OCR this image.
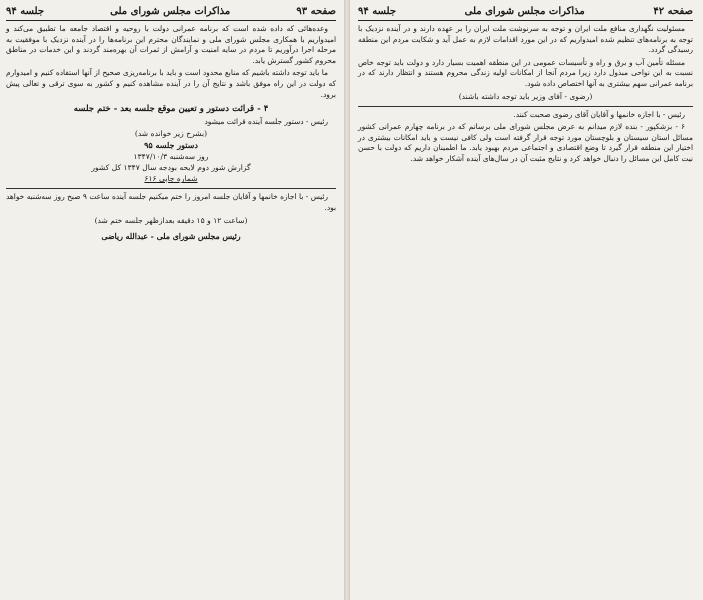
صفحه ۹۳
مذاکرات مجلس شورای ملی
جلسه ۹۴

وعده‌هائی که داده شده است که برنامه عمرانی دولت با روحیه و اقتصاد جامعه ما تطبیق می‌کند و امیدواریم با همکاری مجلس شورای ملی و نمایندگان محترم این برنامه‌ها را در آینده نزدیک با موفقیت به مرحله اجرا درآوریم تا مردم در سایه امنیت و آرامش از ثمرات آن بهره‌مند گردند و این خدمات در مناطق محروم کشور گسترش یابد.

ما باید توجه داشته باشیم که منابع محدود است و باید با برنامه‌ریزی صحیح از آنها استفاده کنیم و امیدوارم که دولت در این راه موفق باشد و نتایج آن را در آینده مشاهده کنیم و کشور به سوی ترقی و تعالی پیش برود.

۴ - قرائت دستور و تعیین موقع جلسه بعد - ختم جلسه

رئیس - دستور جلسه آینده قرائت میشود

(بشرح زیر خوانده شد)
دستور جلسه ۹۵
روز سه‌شنبه ۱۳۴۷/۱۰/۳
گزارش شور دوم لایحه بودجه سال ۱۳۴۷ کل کشور
شماره چاپی ۶۱۶

رئیس - با اجازه خانمها و آقایان جلسه امروز را ختم میکنیم جلسه آینده ساعت ۹ صبح روز سه‌شنبه خواهد بود.

(ساعت ۱۲ و ۱۵ دقیقه بعدازظهر جلسه ختم شد)
رئیس مجلس شورای ملی - عبدالله ریاضی
صفحه ۴۲
مذاکرات مجلس شورای ملی
جلسه ۹۴

مسئولیت نگهداری منافع ملت ایران و توجه به سرنوشت ملت ایران را بر عهده دارند و در آینده نزدیک با توجه به برنامه‌های تنظیم شده امیدواریم که در این مورد اقدامات لازم به عمل آید و شکایت مردم این منطقه رسیدگی گردد.

مسئله تأمین آب و برق و راه و تأسیسات عمومی در این منطقه اهمیت بسیار دارد و دولت باید توجه خاص نسبت به این نواحی مبذول دارد زیرا مردم آنجا از امکانات اولیه زندگی محروم هستند و انتظار دارند که در برنامه عمرانی سهم بیشتری به آنها اختصاص داده شود.

(رضوی - آقای وزیر باید توجه داشته باشند)

رئیس - با اجازه خانمها و آقایان آقای رضوی صحبت کنند.

۶ - بزشکپور - بنده لازم میدانم به عرض مجلس شورای ملی برسانم که در برنامه چهارم عمرانی کشور مسائل استان سیستان و بلوچستان مورد توجه قرار گرفته است ولی کافی نیست و باید امکانات بیشتری در اختیار این منطقه قرار گیرد تا وضع اقتصادی و اجتماعی مردم بهبود یابد. ما اطمینان داریم که دولت با حسن نیت کامل این مسائل را دنبال خواهد کرد و نتایج مثبت آن در سال‌های آینده آشکار خواهد شد.
